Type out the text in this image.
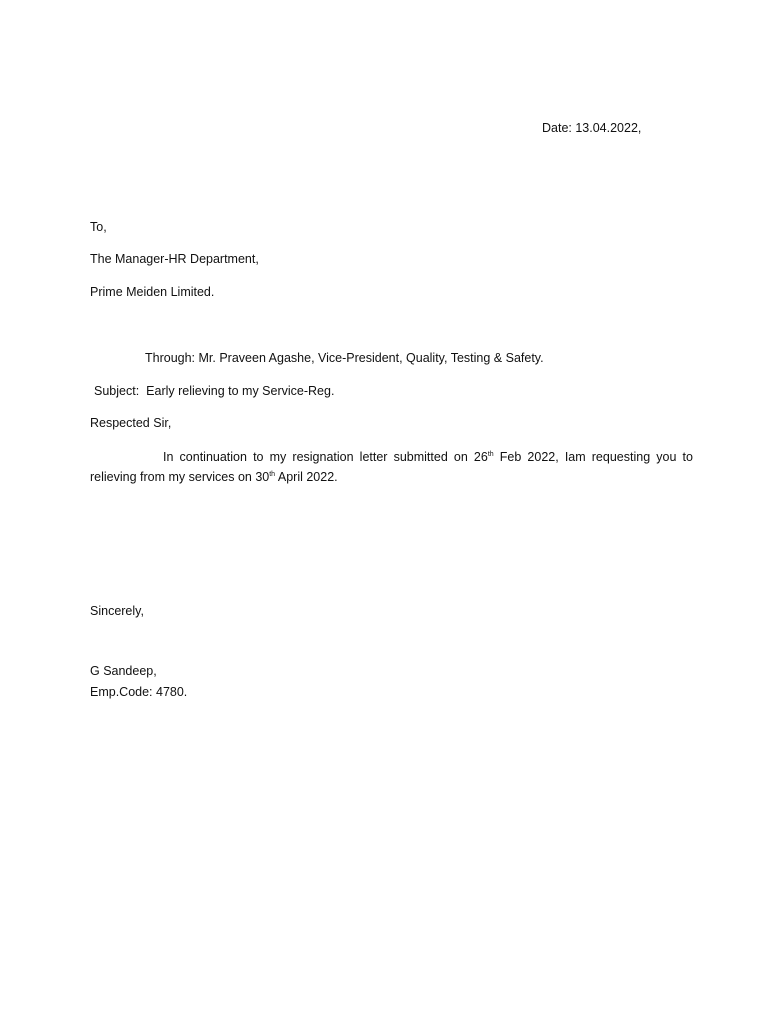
Date: 13.04.2022,
To,
The Manager-HR Department,
Prime Meiden Limited.
Through: Mr. Praveen Agashe, Vice-President, Quality, Testing & Safety.
Subject: Early relieving to my Service-Reg.
Respected Sir,
In continuation to my resignation letter submitted on 26th Feb 2022, Iam requesting you to
relieving from my services on 30th April 2022.
Sincerely,
G Sandeep,
Emp.Code: 4780.
